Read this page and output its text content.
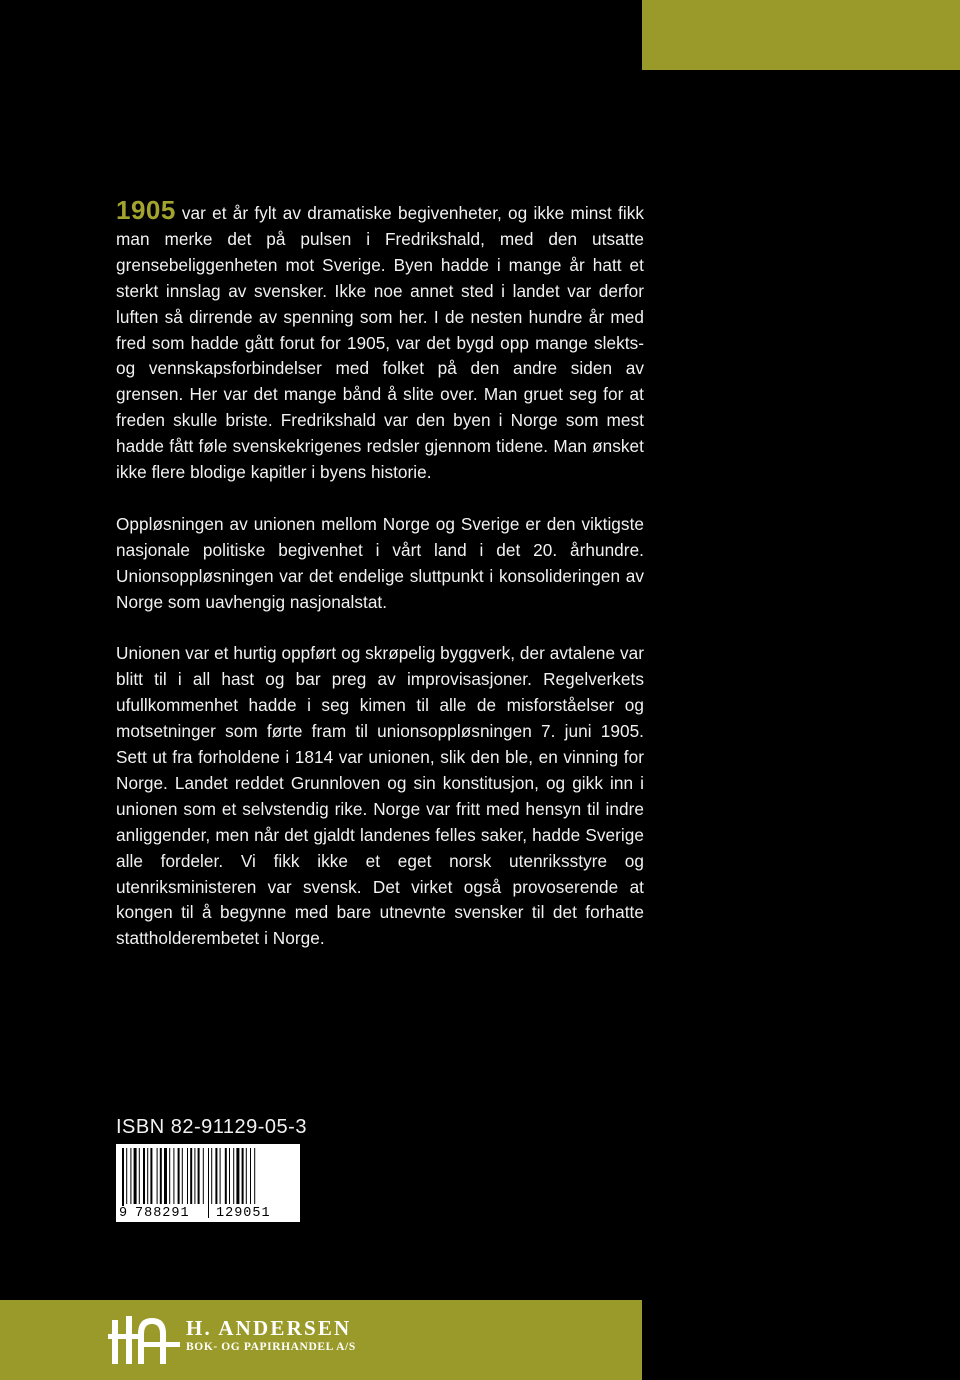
1905 var et år fylt av dramatiske begivenheter, og ikke minst fikk man merke det på pulsen i Fredrikshald, med den utsatte grensebeliggenheten mot Sverige. Byen hadde i mange år hatt et sterkt innslag av svensker. Ikke noe annet sted i landet var derfor luften så dirrende av spenning som her. I de nesten hundre år med fred som hadde gått forut for 1905, var det bygd opp mange slekts- og vennskapsforbindelser med folket på den andre siden av grensen. Her var det mange bånd å slite over. Man gruet seg for at freden skulle briste. Fredrikshald var den byen i Norge som mest hadde fått føle svenskekrigenes redsler gjennom tidene. Man ønsket ikke flere blodige kapitler i byens historie.

Oppløsningen av unionen mellom Norge og Sverige er den viktigste nasjonale politiske begivenhet i vårt land i det 20. århundre. Unionsoppløsningen var det endelige sluttpunkt i konsolideringen av Norge som uavhengig nasjonalstat.

Unionen var et hurtig oppført og skrøpelig byggverk, der avtalene var blitt til i all hast og bar preg av improvisasjoner. Regelverkets ufullkommenhet hadde i seg kimen til alle de misforståelser og motsetninger som førte fram til unionsoppløsningen 7. juni 1905. Sett ut fra forholdene i 1814 var unionen, slik den ble, en vinning for Norge. Landet reddet Grunnloven og sin konstitusjon, og gikk inn i unionen som et selvstendig rike. Norge var fritt med hensyn til indre anliggender, men når det gjaldt landenes felles saker, hadde Sverige alle fordeler. Vi fikk ikke et eget norsk utenriksstyre og utenriksministeren var svensk. Det virket også provoserende at kongen til å begynne med bare utnevnte svensker til det forhatte stattholderembetet i Norge.

ISBN 82-91129-05-3
9 788291 129051
H. ANDERSEN
BOK- OG PAPIRHANDEL A/S
